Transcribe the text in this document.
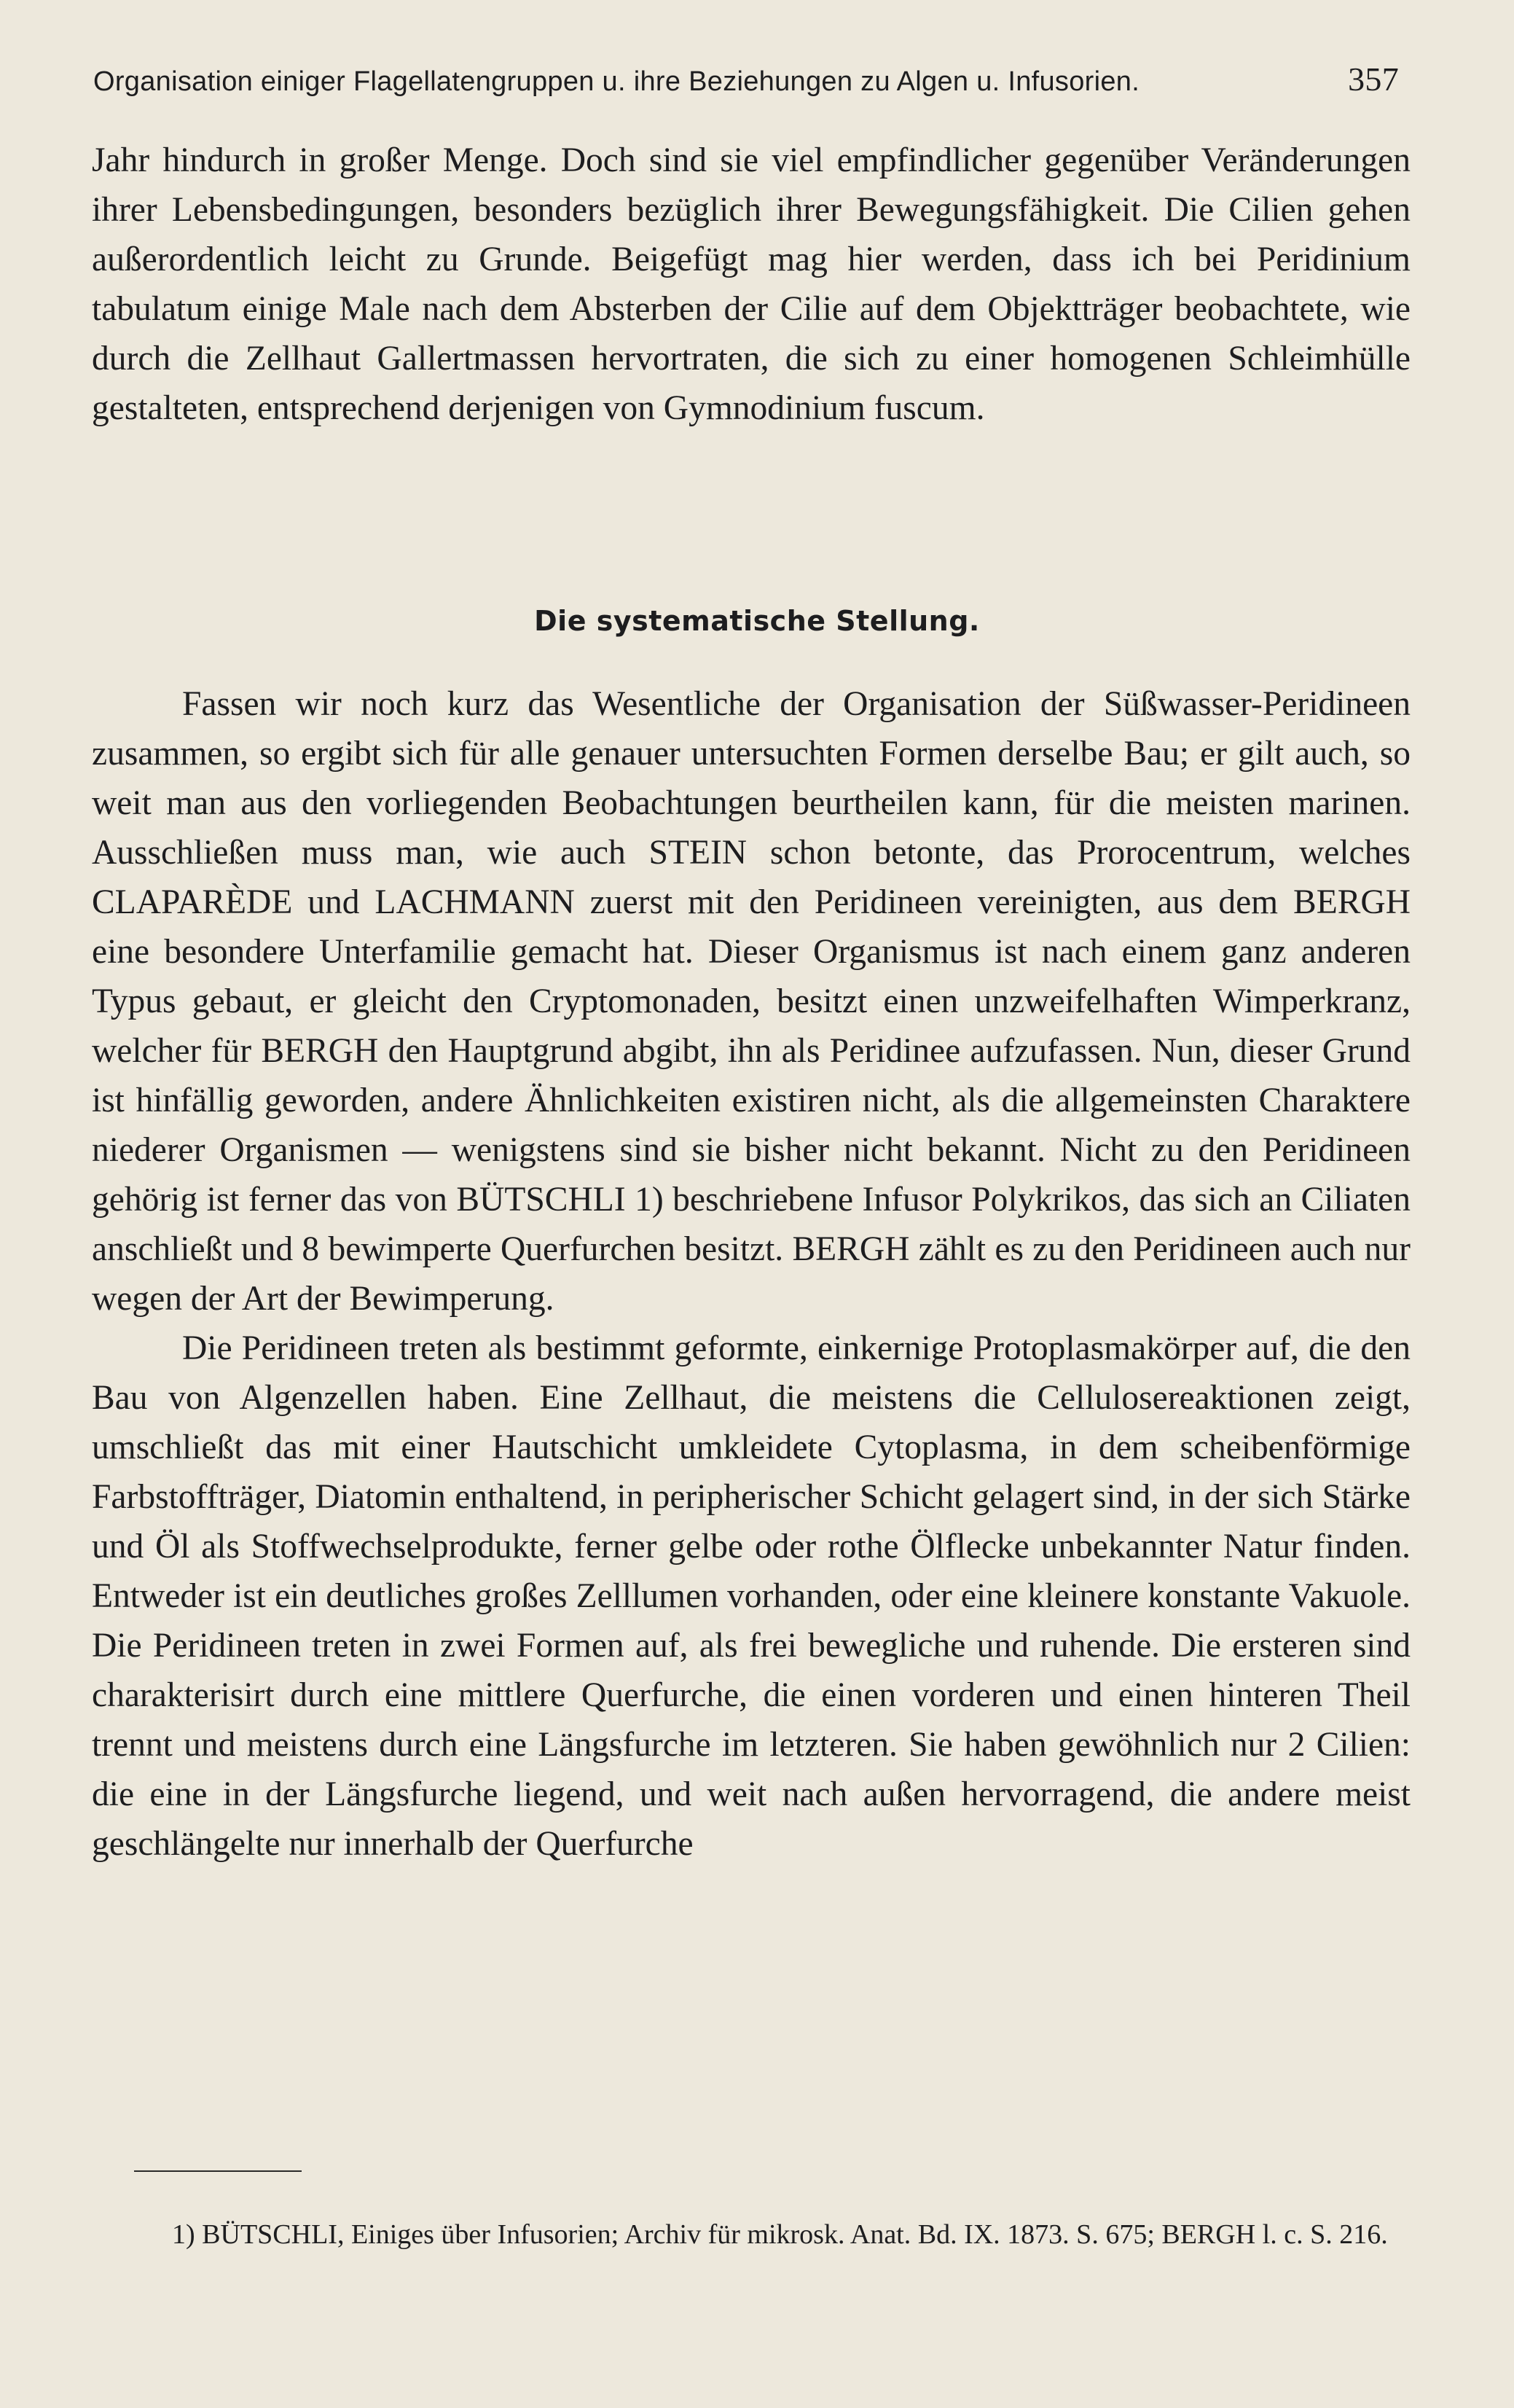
Organisation einiger Flagellatengruppen u. ihre Beziehungen zu Algen u. Infusorien.	357

Jahr hindurch in großer Menge. Doch sind sie viel empfindlicher gegenüber Veränderungen ihrer Lebensbedingungen, besonders bezüglich ihrer Bewegungsfähigkeit. Die Cilien gehen außerordentlich leicht zu Grunde. Beigefügt mag hier werden, dass ich bei Peridinium tabulatum einige Male nach dem Absterben der Cilie auf dem Objektträger beobachtete, wie durch die Zellhaut Gallertmassen hervortraten, die sich zu einer homogenen Schleimhülle gestalteten, entsprechend derjenigen von Gymnodinium fuscum.

Die systematische Stellung.

Fassen wir noch kurz das Wesentliche der Organisation der Süßwasser-Peridineen zusammen, so ergibt sich für alle genauer untersuchten Formen derselbe Bau; er gilt auch, so weit man aus den vorliegenden Beobachtungen beurtheilen kann, für die meisten marinen. Ausschließen muss man, wie auch STEIN schon betonte, das Prorocentrum, welches CLAPARÈDE und LACHMANN zuerst mit den Peridineen vereinigten, aus dem BERGH eine besondere Unterfamilie gemacht hat. Dieser Organismus ist nach einem ganz anderen Typus gebaut, er gleicht den Cryptomonaden, besitzt einen unzweifelhaften Wimperkranz, welcher für BERGH den Hauptgrund abgibt, ihn als Peridinee aufzufassen. Nun, dieser Grund ist hinfällig geworden, andere Ähnlichkeiten existiren nicht, als die allgemeinsten Charaktere niederer Organismen — wenigstens sind sie bisher nicht bekannt. Nicht zu den Peridineen gehörig ist ferner das von BÜTSCHLI 1) beschriebene Infusor Polykrikos, das sich an Ciliaten anschließt und 8 bewimperte Querfurchen besitzt. BERGH zählt es zu den Peridineen auch nur wegen der Art der Bewimperung.

Die Peridineen treten als bestimmt geformte, einkernige Protoplasmakörper auf, die den Bau von Algenzellen haben. Eine Zellhaut, die meistens die Cellulosereaktionen zeigt, umschließt das mit einer Hautschicht umkleidete Cytoplasma, in dem scheibenförmige Farbstoffträger, Diatomin enthaltend, in peripherischer Schicht gelagert sind, in der sich Stärke und Öl als Stoffwechselprodukte, ferner gelbe oder rothe Ölflecke unbekannter Natur finden. Entweder ist ein deutliches großes Zelllumen vorhanden, oder eine kleinere konstante Vakuole. Die Peridineen treten in zwei Formen auf, als frei bewegliche und ruhende. Die ersteren sind charakterisirt durch eine mittlere Querfurche, die einen vorderen und einen hinteren Theil trennt und meistens durch eine Längsfurche im letzteren. Sie haben gewöhnlich nur 2 Cilien: die eine in der Längsfurche liegend, und weit nach außen hervorragend, die andere meist geschlängelte nur innerhalb der Querfurche

1) BÜTSCHLI, Einiges über Infusorien; Archiv für mikrosk. Anat. Bd. IX. 1873. S. 675; BERGH l. c. S. 216.
